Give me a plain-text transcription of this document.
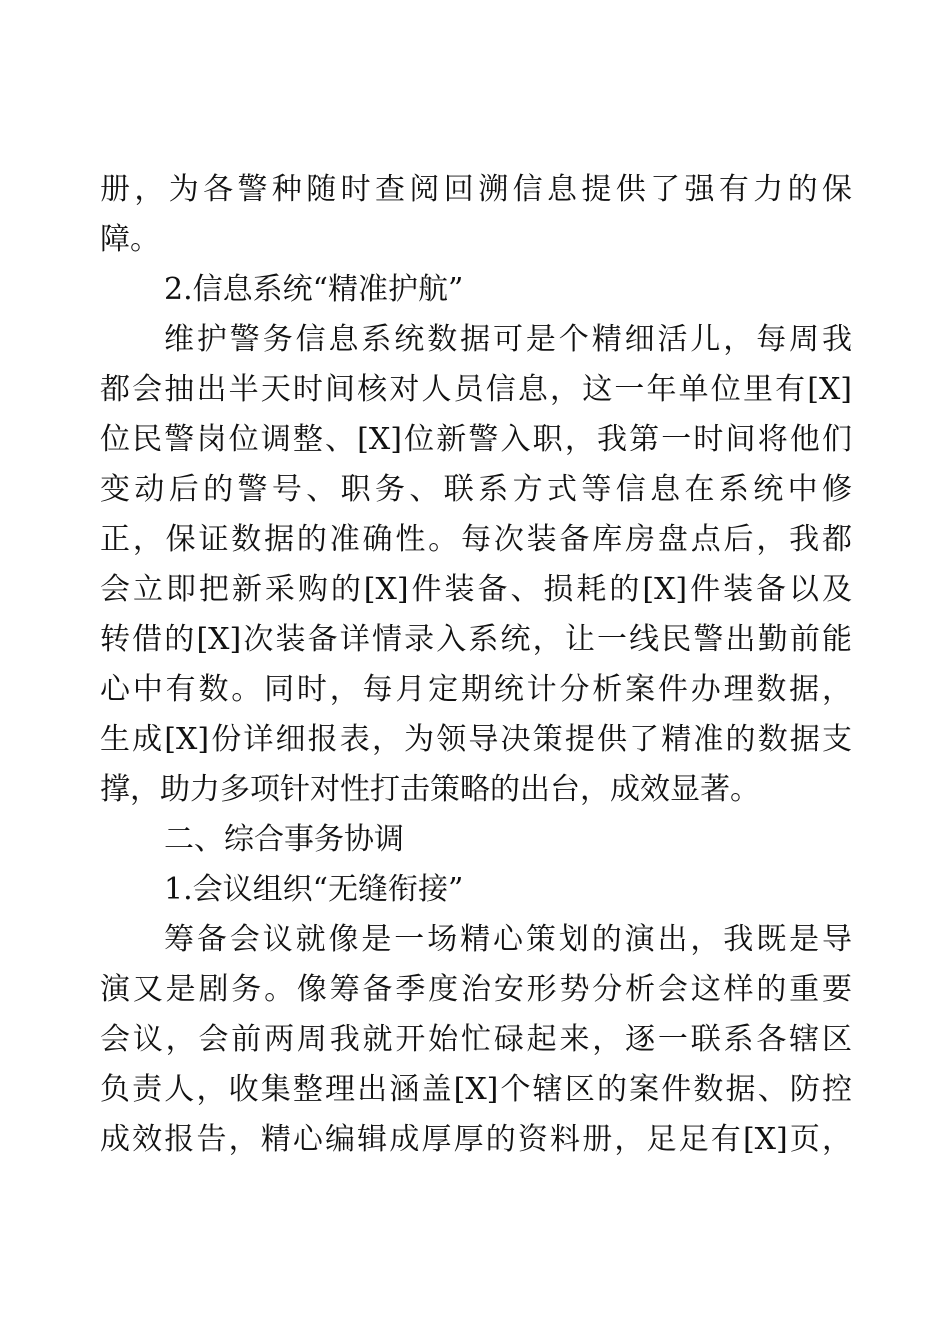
册，为各警种随时查阅回溯信息提供了强有力的保
障。
2.信息系统“精准护航”
维护警务信息系统数据可是个精细活儿，每周我
都会抽出半天时间核对人员信息，这一年单位里有[X]
位民警岗位调整、[X]位新警入职，我第一时间将他们
变动后的警号、职务、联系方式等信息在系统中修
正，保证数据的准确性。每次装备库房盘点后，我都
会立即把新采购的[X]件装备、损耗的[X]件装备以及
转借的[X]次装备详情录入系统，让一线民警出勤前能
心中有数。同时，每月定期统计分析案件办理数据，
生成[X]份详细报表，为领导决策提供了精准的数据支
撑，助力多项针对性打击策略的出台，成效显著。
二、综合事务协调
1.会议组织“无缝衔接”
筹备会议就像是一场精心策划的演出，我既是导
演又是剧务。像筹备季度治安形势分析会这样的重要
会议，会前两周我就开始忙碌起来，逐一联系各辖区
负责人，收集整理出涵盖[X]个辖区的案件数据、防控
成效报告，精心编辑成厚厚的资料册，足足有[X]页，
